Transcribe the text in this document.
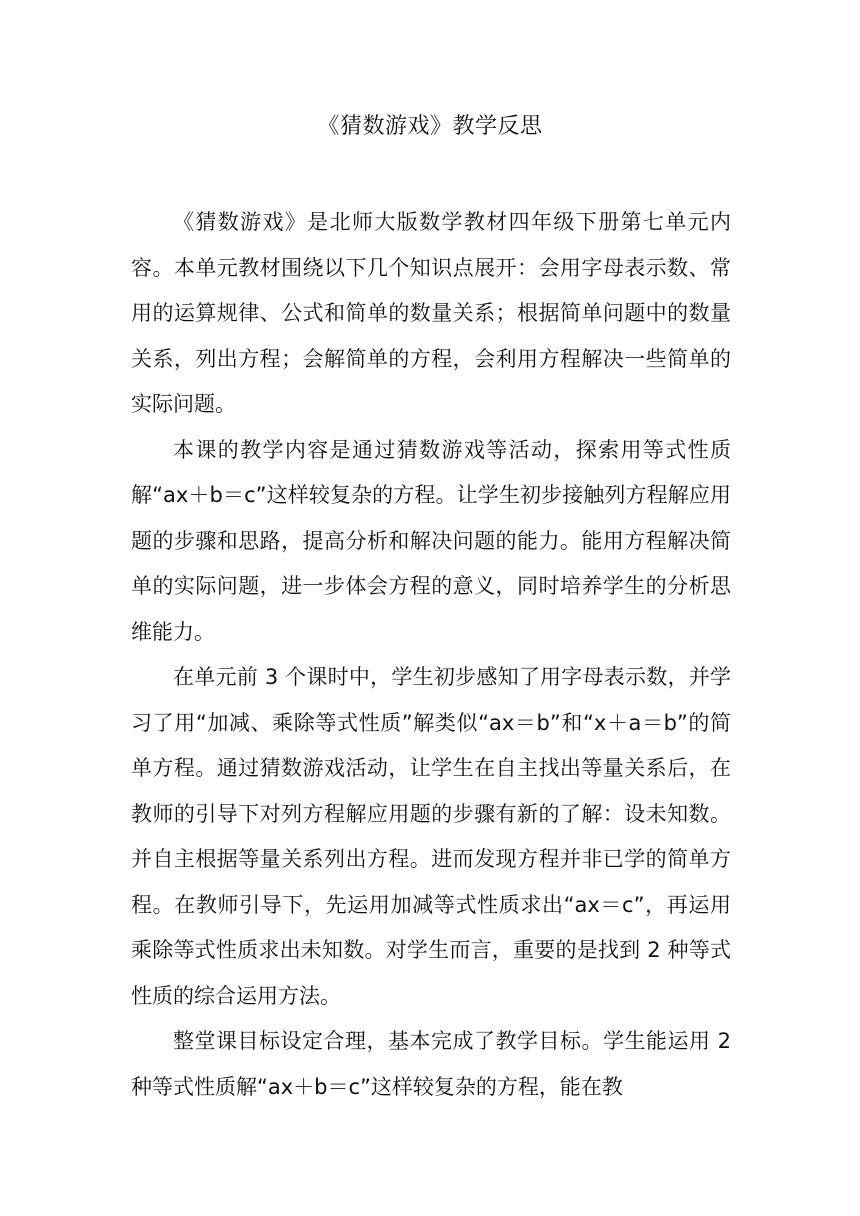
《猜数游戏》教学反思

《猜数游戏》是北师大版数学教材四年级下册第七单元内容。本单元教材围绕以下几个知识点展开：会用字母表示数、常用的运算规律、公式和简单的数量关系；根据简单问题中的数量关系，列出方程；会解简单的方程，会利用方程解决一些简单的实际问题。

本课的教学内容是通过猜数游戏等活动，探索用等式性质解“ax＋b＝c”这样较复杂的方程。让学生初步接触列方程解应用题的步骤和思路，提高分析和解决问题的能力。能用方程解决简单的实际问题，进一步体会方程的意义，同时培养学生的分析思维能力。

在单元前 3 个课时中，学生初步感知了用字母表示数，并学习了用“加减、乘除等式性质”解类似“ax＝b”和“x＋a＝b”的简单方程。通过猜数游戏活动，让学生在自主找出等量关系后，在教师的引导下对列方程解应用题的步骤有新的了解：设未知数。并自主根据等量关系列出方程。进而发现方程并非已学的简单方程。在教师引导下，先运用加减等式性质求出“ax＝c”，再运用乘除等式性质求出未知数。对学生而言，重要的是找到 2 种等式性质的综合运用方法。

整堂课目标设定合理，基本完成了教学目标。学生能运用 2 种等式性质解“ax＋b＝c”这样较复杂的方程，能在教
